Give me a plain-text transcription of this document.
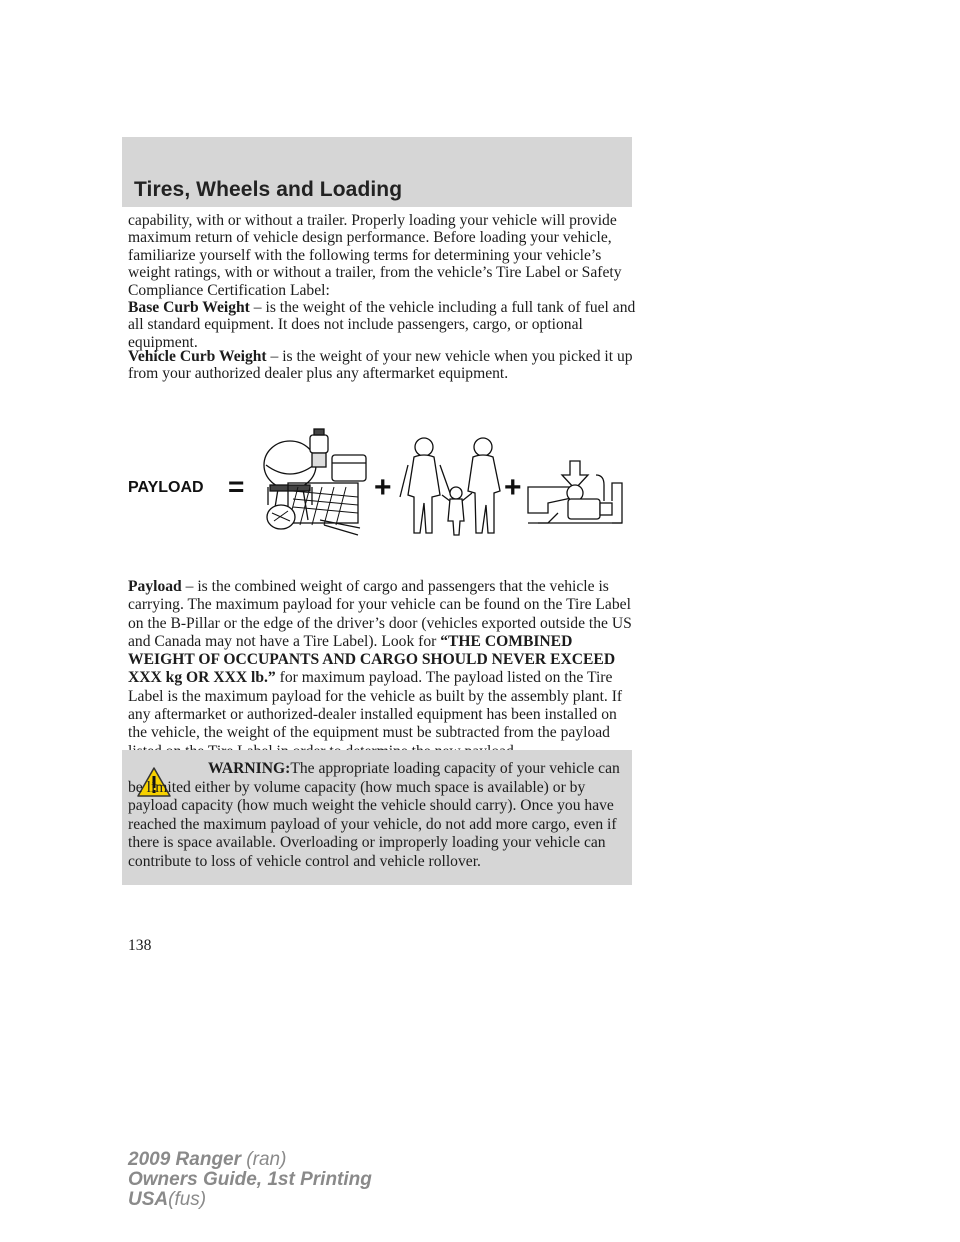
Tires, Wheels and Loading
capability, with or without a trailer. Properly loading your vehicle will provide maximum return of vehicle design performance. Before loading your vehicle, familiarize yourself with the following terms for determining your vehicle’s weight ratings, with or without a trailer, from the vehicle’s Tire Label or Safety Compliance Certification Label:
Base Curb Weight – is the weight of the vehicle including a full tank of fuel and all standard equipment. It does not include passengers, cargo, or optional equipment.
Vehicle Curb Weight – is the weight of your new vehicle when you picked it up from your authorized dealer plus any aftermarket equipment.
PAYLOAD =	+	+
Payload – is the combined weight of cargo and passengers that the vehicle is carrying. The maximum payload for your vehicle can be found on the Tire Label on the B-Pillar or the edge of the driver’s door (vehicles exported outside the US and Canada may not have a Tire Label). Look for “THE COMBINED WEIGHT OF OCCUPANTS AND CARGO SHOULD NEVER EXCEED XXX kg OR XXX lb.” for maximum payload. The payload listed on the Tire Label is the maximum payload for the vehicle as built by the assembly plant. If any aftermarket or authorized-dealer installed equipment has been installed on the vehicle, the weight of the equipment must be subtracted from the payload
WARNING:The appropriate loading capacity of your vehicle can be limited either by volume capacity (how much space is available) or by payload capacity (how much weight the vehicle should carry). Once you have reached the maximum payload of your vehicle, do not add more cargo, even if there is space available. Overloading or improperly loading your vehicle can contribute to loss of vehicle control and vehicle rollover.
138
2009 Ranger (ran)
Owners Guide, 1st Printing
USA(fus)
